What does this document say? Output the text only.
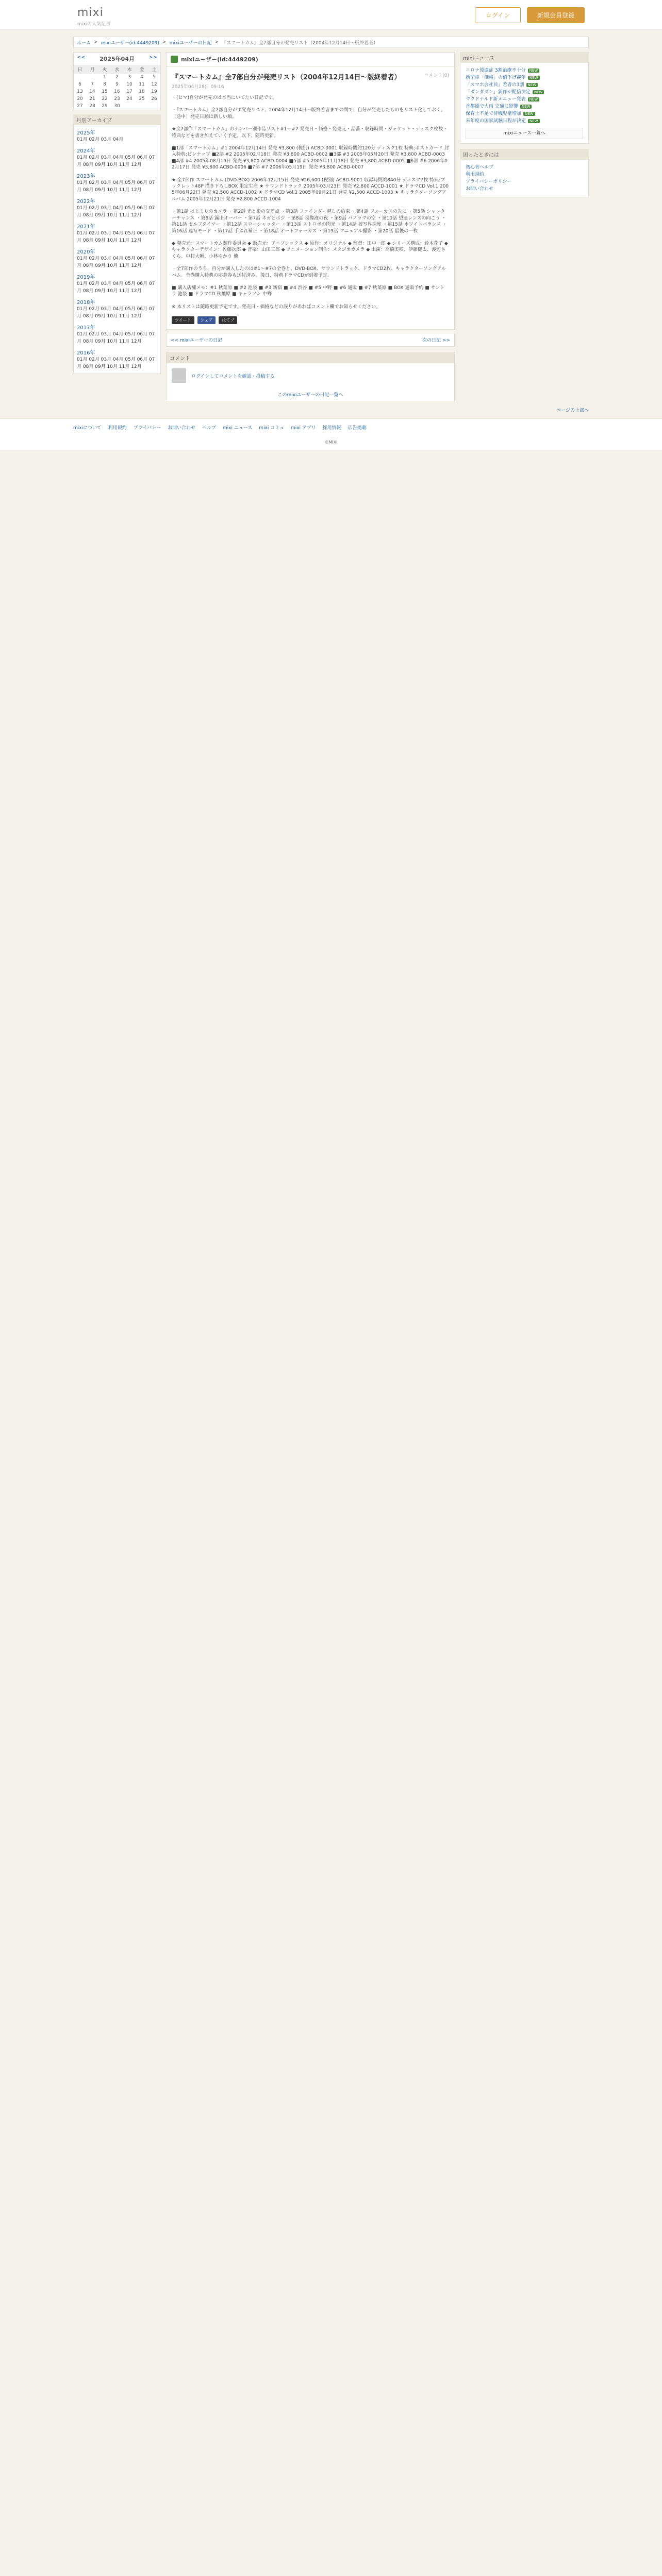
mixi
mixiの人気記事
ログイン	新規会員登録
ホーム > mixiユーザー(id:4449209) > mixiユーザーの日記 > 『スマートカム』全7部自分が発売リスト（2004年12月14日～版終着者）
<< 2025年04月	>>
日	月	火	水	木	金	土
		1	2	3	4	5
6	7	8	9	10	11	12
13	14	15	16	17	18	19
20	21	22	23	24	25	26
27	28	29	30			
月別アーカイブ
2025年
01月 02月 03月 04月
2024年
01月 02月 03月 04月 05月 06月 07月 08月 09月 10月 11月 12月
2023年
01月 02月 03月 04月 05月 06月 07月 08月 09月 10月 11月 12月
2022年
01月 02月 03月 04月 05月 06月 07月 08月 09月 10月 11月 12月
2021年
01月 02月 03月 04月 05月 06月 07月 08月 09月 10月 11月 12月
2020年
01月 02月 03月 04月 05月 06月 07月 08月 09月 10月 11月 12月
2019年
01月 02月 03月 04月 05月 06月 07月 08月 09月 10月 11月 12月
2018年
01月 02月 03月 04月 05月 06月 07月 08月 09月 10月 11月 12月
2017年
01月 02月 03月 04月 05月 06月 07月 08月 09月 10月 11月 12月
2016年
01月 02月 03月 04月 05月 06月 07月 08月 09月 10月 11月 12月
mixiユーザー(id:4449209)
コメント(0)
『スマートカム』全7部自分が発売リスト（2004年12月14日～版終着者）
2025年04月28日 09:16

・(ヒマ)自分が発売のは本当にいてたい日記です。

・『スマートカム』全7部自分がず発売リスト、2004年12月14日～版終着者までの間で、自分が発売したものをリスト化しておく。〔途中〕発売日順は新しい順。

★全7部作「スマートカム」のナンバー別作品リスト#1～#7 発売日・価格・発売元・品番・収録時間・ジャケット・ディスク枚数・特典などを書き加えていく予定。以下、随時更新。

■1部「スマートカム」#1 2004年12月14日 発売 ¥3,800 (税別) ACBD-0001 収録時間約120分 ディスク1枚 特典:ポストカード 封入特典:ピンナップ ■2部 #2 2005年02月18日 発売 ¥3,800 ACBD-0002 ■3部 #3 2005年05月20日 発売 ¥3,800 ACBD-0003 ■4部 #4 2005年08月19日 発売 ¥3,800 ACBD-0004 ■5部 #5 2005年11月18日 発売 ¥3,800 ACBD-0005 ■6部 #6 2006年02月17日 発売 ¥3,800 ACBD-0006 ■7部 #7 2006年05月19日 発売 ¥3,800 ACBD-0007

★ 全7部作 スマートカム (DVD-BOX) 2006年12月15日 発売 ¥26,600 (税別) ACBD-9001 収録時間約840分 ディスク7枚 特典:ブックレット48P 描き下ろしBOX 限定生産 ★ サウンドトラック 2005年03月23日 発売 ¥2,800 ACCD-1001 ★ ドラマCD Vol.1 2005年06月22日 発売 ¥2,500 ACCD-1002 ★ ドラマCD Vol.2 2005年09月21日 発売 ¥2,500 ACCD-1003 ★ キャラクターソングアルバム 2005年12月21日 発売 ¥2,800 ACCD-1004

・第1話 はじまりのカメラ ・第2話 光と影の交差点 ・第3話 ファインダー越しの約束 ・第4話 フォーカスの先に ・第5話 シャッターチャンス ・第6話 露出オーバー ・第7話 ネガとポジ ・第8話 現像液の夜 ・第9話 パノラマの空 ・第10話 望遠レンズの向こう ・第11話 セルフタイマー ・第12話 スローシャッター ・第13話 ストロボの閃光 ・第14話 被写界深度 ・第15話 ホワイトバランス ・第16話 連写モード ・第17話 手ぶれ補正 ・第18話 オートフォーカス ・第19話 マニュアル撮影 ・第20話 最後の一枚

◆ 発売元：スマートカム製作委員会 ◆ 販売元：アニプレックス ◆ 原作：オリジナル ◆ 監督：田中一郎 ◆ シリーズ構成：鈴木花子 ◆ キャラクターデザイン：佐藤次郎 ◆ 音楽：山田三郎 ◆ アニメーション制作：スタジオカメラ ◆ 出演：高橋美咲、伊藤健太、渡辺さくら、中村大輔、小林ゆかり 他

・全7部作のうち、自分が購入したのは#1～#7の全巻と、DVD-BOX、サウンドトラック、ドラマCD2枚、キャラクターソングアルバム。全巻購入特典の応募券も送付済み。後日、特典ドラマCDが到着予定。

■ 購入店舗メモ：#1 秋葉原 ■ #2 池袋 ■ #3 新宿 ■ #4 渋谷 ■ #5 中野 ■ #6 通販 ■ #7 秋葉原 ■ BOX 通販予約 ■ サントラ 池袋 ■ ドラマCD 秋葉原 ■ キャラソン 中野

※ 本リストは随時更新予定です。発売日・価格などの誤りがあればコメント欄でお知らせください。

ツイート	シェア	はてブ
<< mixiユーザーの日記	次の日記 >>
コメント
ログインしてコメントを確認・投稿する
このmixiユーザーの日記一覧へ
mixiニュース
コロナ後遺症 3割治療不十分 NEW
新型車「価格」の値下げ競争 NEW
「スマホ会社員」若者の3割 NEW
「ダンダダン」新作が配信決定 NEW
マクドナルド新メニュー発表 NEW
首都圏で大雨 交通に影響 NEW
保育士不足で待機児童増加 NEW
来年度の国家試験日程が決定 NEW
mixiニュース一覧へ
困ったときには
初心者ヘルプ
利用規約
プライバシーポリシー
お問い合わせ
ページの上部へ
mixiについて 利用規約 プライバシー お問い合わせ ヘルプ mixi ニュース mixi コミュ mixi アプリ 採用情報 広告掲載
©MIXI
